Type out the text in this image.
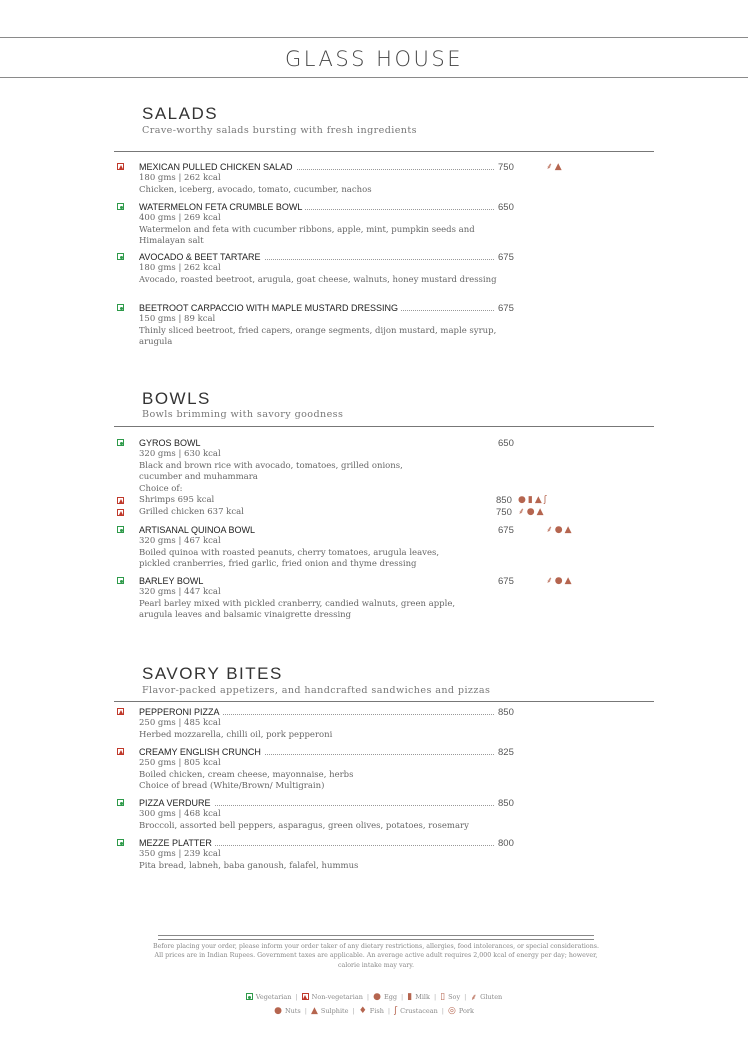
GLASS HOUSE
SALADS
Crave-worthy salads bursting with fresh ingredients
MEXICAN PULLED CHICKEN SALAD	750	⸙ ▲
180 gms | 262 kcal
Chicken, iceberg, avocado, tomato, cucumber, nachos
WATERMELON FETA CRUMBLE BOWL	650
400 gms | 269 kcal
Watermelon and feta with cucumber ribbons, apple, mint, pumpkin seeds and Himalayan salt
AVOCADO & BEET TARTARE	675
180 gms | 262 kcal
Avocado, roasted beetroot, arugula, goat cheese, walnuts, honey mustard dressing
BEETROOT CARPACCIO WITH MAPLE MUSTARD DRESSING	675
150 gms | 89 kcal
Thinly sliced beetroot, fried capers, orange segments, dijon mustard, maple syrup, arugula
BOWLS
Bowls brimming with savory goodness
GYROS BOWL	650
320 gms | 630 kcal
Black and brown rice with avocado, tomatoes, grilled onions, cucumber and muhammara
Choice of:
Shrimps 695 kcal	850 ● ▮ ▲ ʃ
Grilled chicken 637 kcal	750 ⸙ ● ▲
ARTISANAL QUINOA BOWL	675	⸙ ● ▲
320 gms | 467 kcal
Boiled quinoa with roasted peanuts, cherry tomatoes, arugula leaves, pickled cranberries, fried garlic, fried onion and thyme dressing
BARLEY BOWL	675	⸙ ● ▲
320 gms | 447 kcal
Pearl barley mixed with pickled cranberry, candied walnuts, green apple, arugula leaves and balsamic vinaigrette dressing
SAVORY BITES
Flavor-packed appetizers, and handcrafted sandwiches and pizzas
PEPPERONI PIZZA	850
250 gms | 485 kcal
Herbed mozzarella, chilli oil, pork pepperoni
CREAMY ENGLISH CRUNCH	825
250 gms | 805 kcal
Boiled chicken, cream cheese, mayonnaise, herbs
Choice of bread (White/Brown/ Multigrain)
PIZZA VERDURE	850
300 gms | 468 kcal
Broccoli, assorted bell peppers, asparagus, green olives, potatoes, rosemary
MEZZE PLATTER	800
350 gms | 239 kcal
Pita bread, labneh, baba ganoush, falafel, hummus
Before placing your order, please inform your order taker of any dietary restrictions, allergies, food intolerances, or special considerations. All prices are in Indian Rupees. Government taxes are applicable. An average active adult requires 2,000 kcal of energy per day; however, calorie intake may vary.
Vegetarian | Non-vegetarian | ● Egg | ▮ Milk | ▯ Soy | ⸙ Gluten
● Nuts | ▲ Sulphite | ♦ Fish | ʃ Crustacean | ◎ Pork
